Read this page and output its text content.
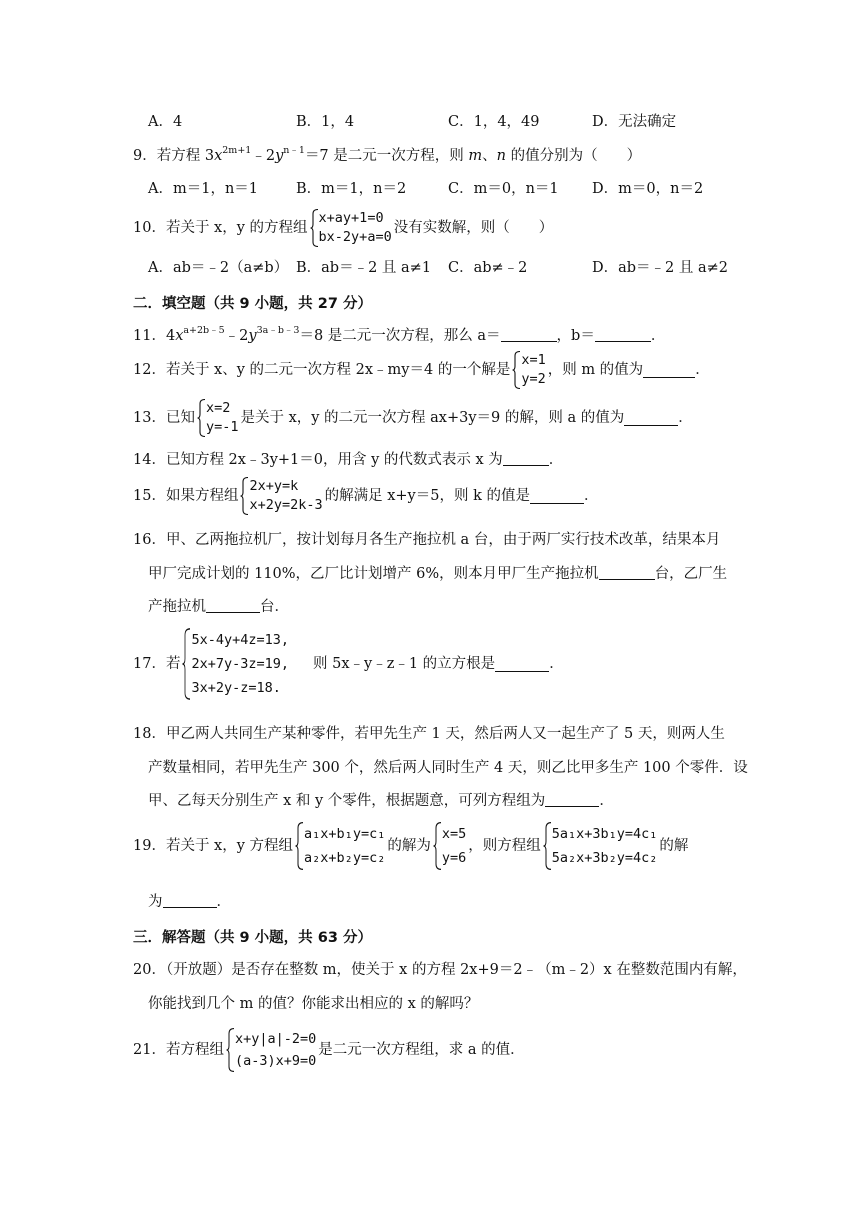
A．4	B．1，4	C．1，4，49	D．无法确定
9．若方程 $3x^{2m+1}﹣2y^{n﹣1}=7$ 是二元一次方程，则 m、n 的值分别为（　　）
A．m＝1，n＝1	B．m＝1，n＝2	C．m＝0，n＝1 D．m＝0，n＝2
10． 若关于 x，y 的方程组
x+ay+1=0
bx-2y+a=0
没有实数解，则（　　）
A．ab＝﹣2（a≠b） B．ab＝﹣2 且 a≠1 C．ab≠﹣2	D．ab＝﹣2 且 a≠2
二．填空题（共 9 小题，共 27 分）
11．$4x^{a+2b﹣5}﹣2y^{3a﹣b﹣3}=8$ 是二元一次方程，那么 a＝	，b＝	．
12． 若关于 x、y 的二元一次方程 2x﹣my＝4 的一个解是
x=1
y=2
，则 m 的值为	．
13． 已知
x=2
y=-1
是关于 x，y 的二元一次方程 ax+3y＝9 的解，则 a 的值为	．
14．已知方程 2x﹣3y+1＝0，用含 y 的代数式表示 x 为	．
15． 如果方程组
2x+y=k
x+2y=2k-3
的解满足 x+y＝5，则 k 的值是	．
16．甲、乙两拖拉机厂，按计划每月各生产拖拉机 a 台，由于两厂实行技术改革，结果本月
甲厂完成计划的 110%，乙厂比计划增产 6%，则本月甲厂生产拖拉机	台，乙厂生
产拖拉机	台．
17． 若
5x-4y+4z=13,
2x+7y-3z=19,
3x+2y-z=18.
则 5x﹣y﹣z﹣1 的立方根是	．
18．甲乙两人共同生产某种零件，若甲先生产 1 天，然后两人又一起生产了 5 天，则两人生
产数量相同，若甲先生产 300 个，然后两人同时生产 4 天，则乙比甲多生产 100 个零件．设
甲、乙每天分别生产 x 和 y 个零件，根据题意，可列方程组为	．
19． 若关于 x，y 方程组
a₁x+b₁y=c₁
a₂x+b₂y=c₂
的解为
x=5
y=6
，则方程组
5a₁x+3b₁y=4c₁
5a₂x+3b₂y=4c₂
的解
为	．
三．解答题（共 9 小题，共 63 分）
20．（开放题）是否存在整数 m，使关于 x 的方程 2x+9＝2﹣（m﹣2）x 在整数范围内有解，
你能找到几个 m 的值？你能求出相应的 x 的解吗？
21． 若方程组
x+y|a|-2=0
(a-3)x+9=0
是二元一次方程组，求 a 的值．
